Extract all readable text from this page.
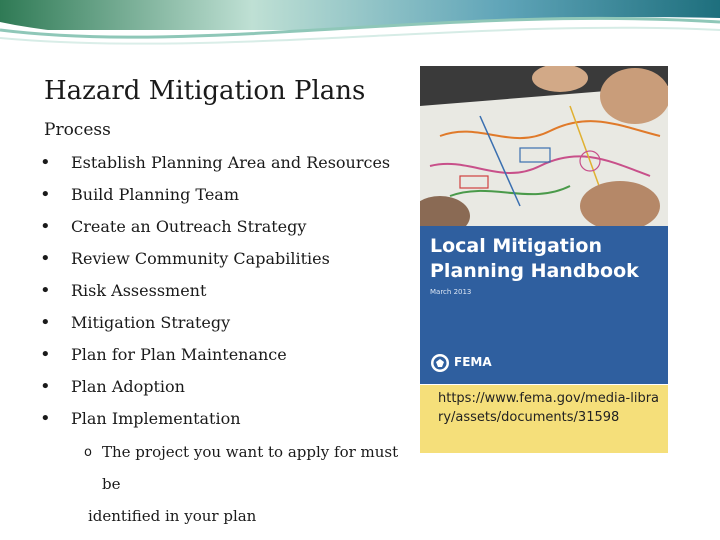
Hazard Mitigation Plans
Process
• Establish Planning Area and Resources
• Build Planning Team
• Create an Outreach Strategy
• Review Community Capabilities
• Risk Assessment
• Mitigation Strategy
• Plan for Plan Maintenance
• Plan Adoption
• Plan Implementation
o The project you want to apply for must be
identified in your plan
Local Mitigation
Planning Handbook
March 2013
FEMA
https://www.fema.gov/media-library/assets/documents/31598
